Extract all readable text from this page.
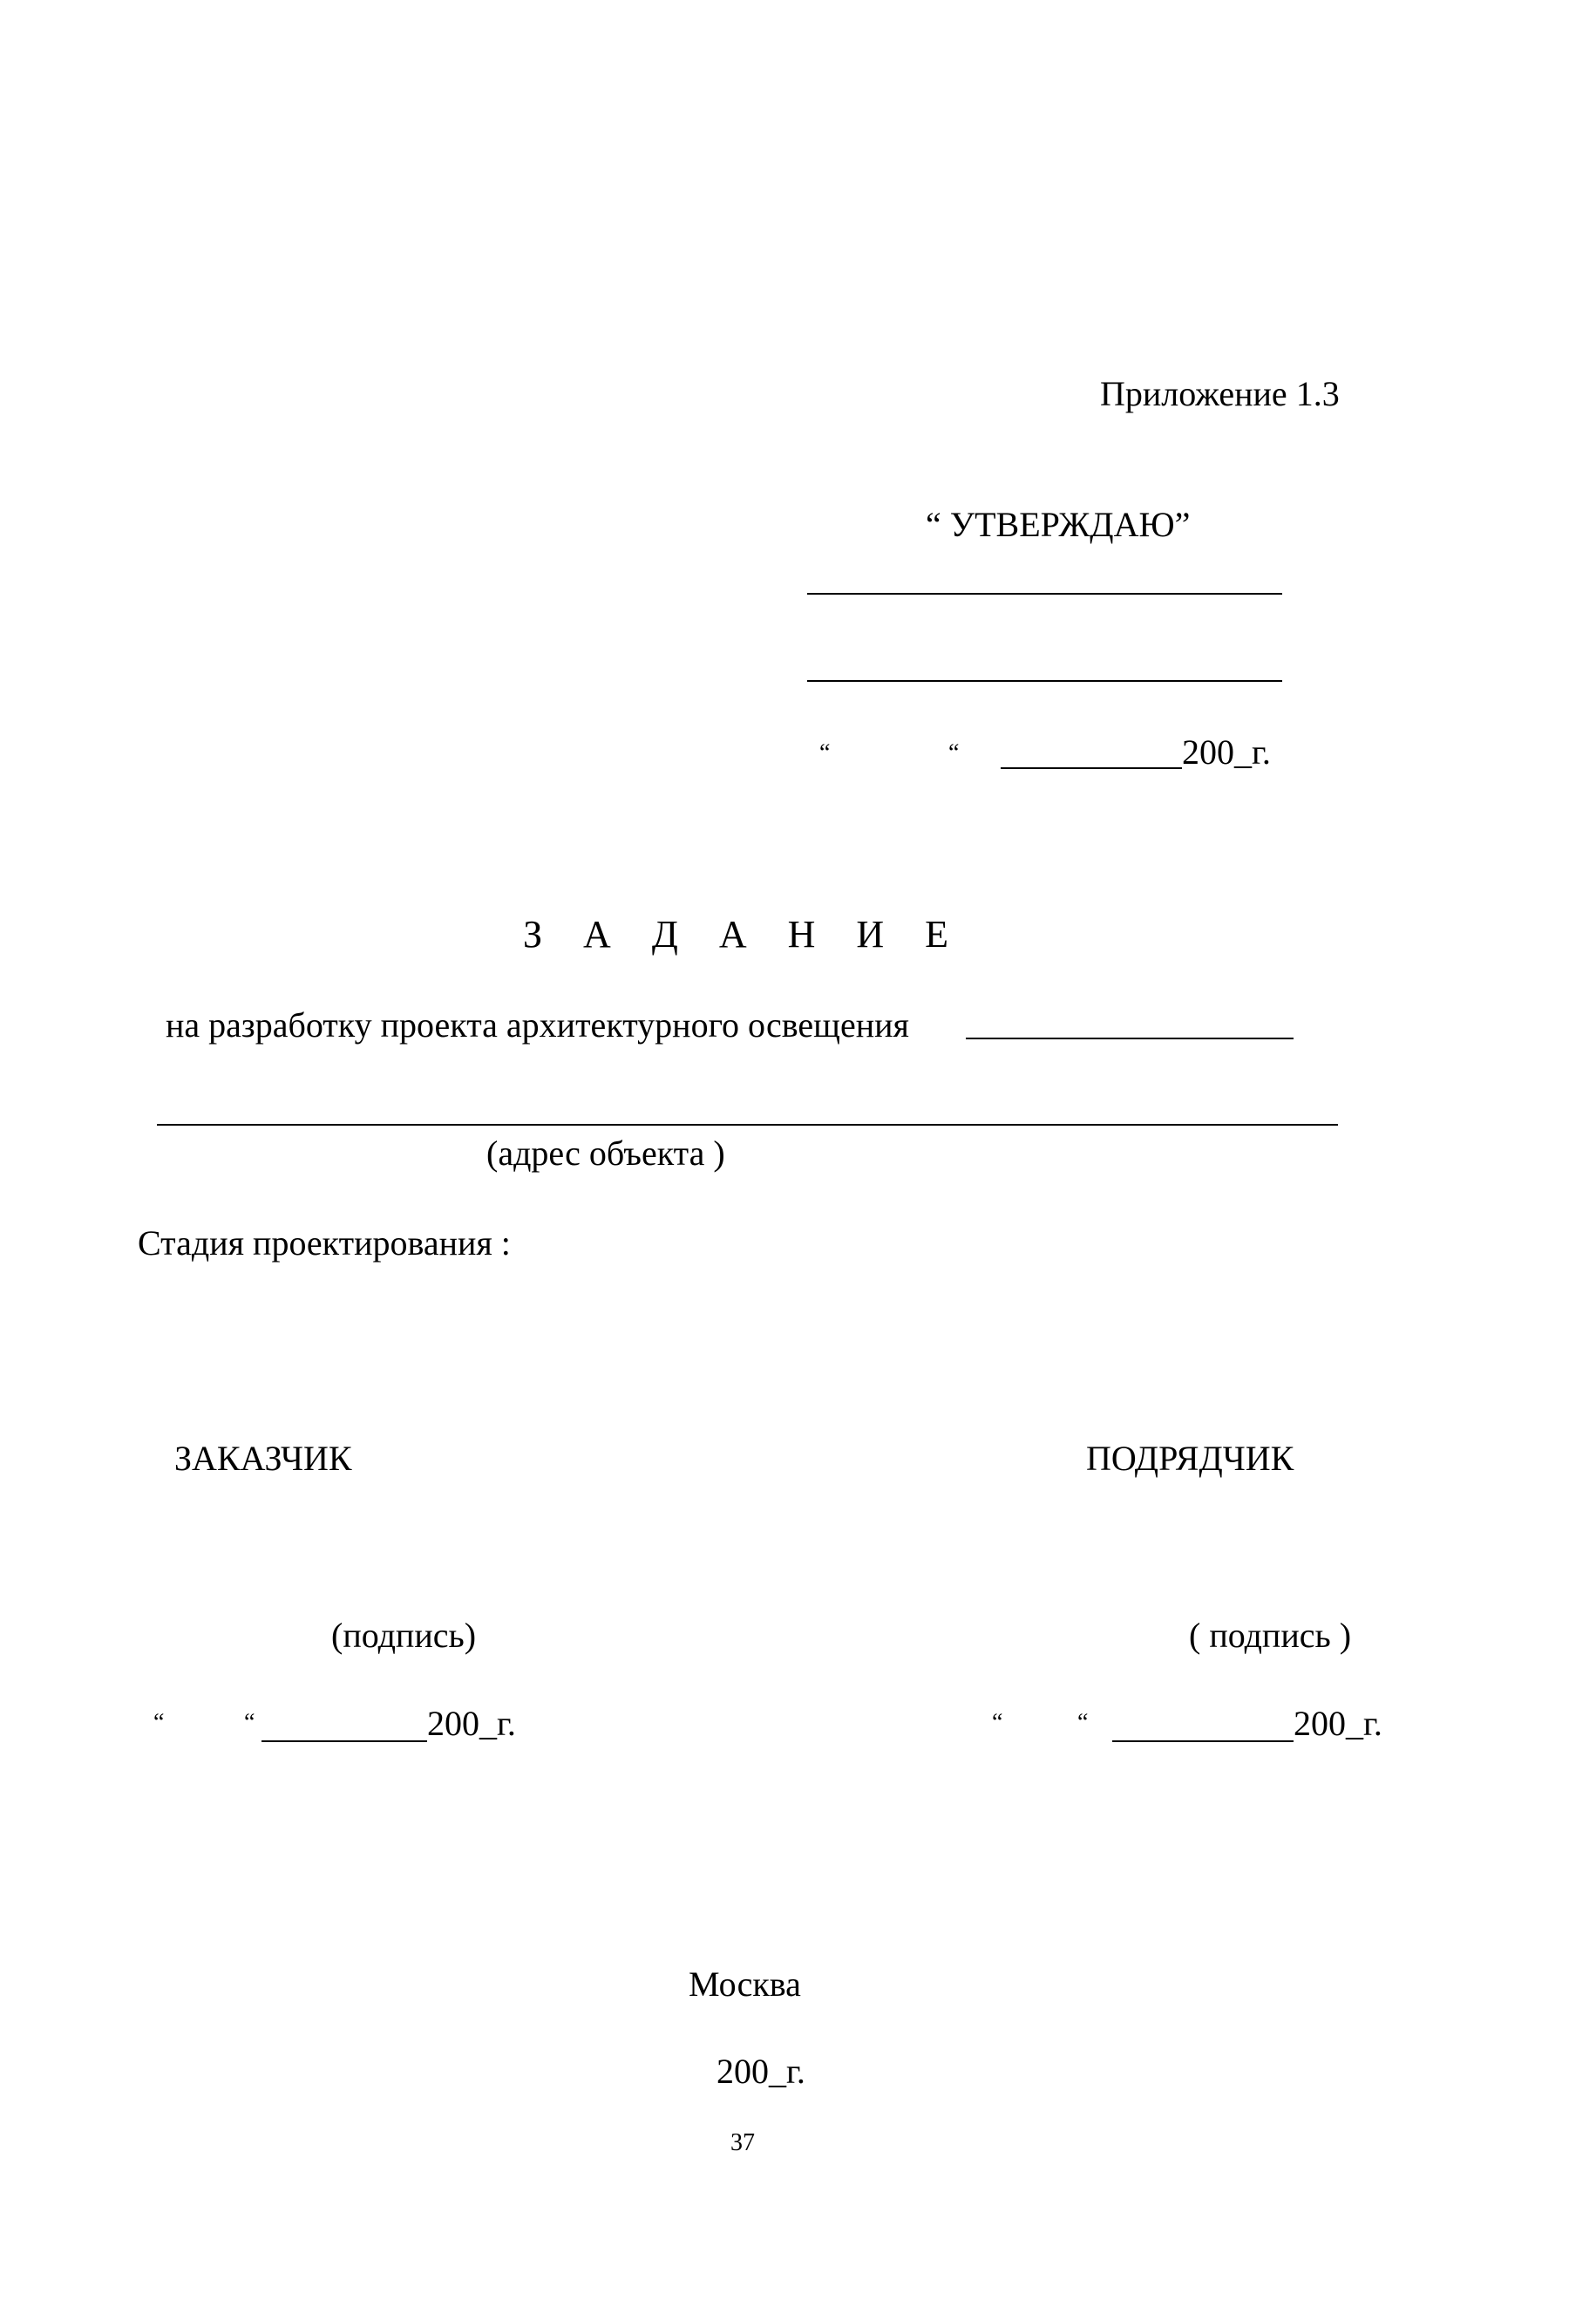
Приложение 1.3
“ УТВЕРЖДАЮ”
“	“	200_г.
З А Д А Н И Е
на разработку проекта архитектурного освещения
(адрес объекта )
Стадия проектирования :
ЗАКАЗЧИК
(подпись)
“	“	200_г.
ПОДРЯДЧИК
( подпись )
“	“	200_г.
Москва
200_г.
37
